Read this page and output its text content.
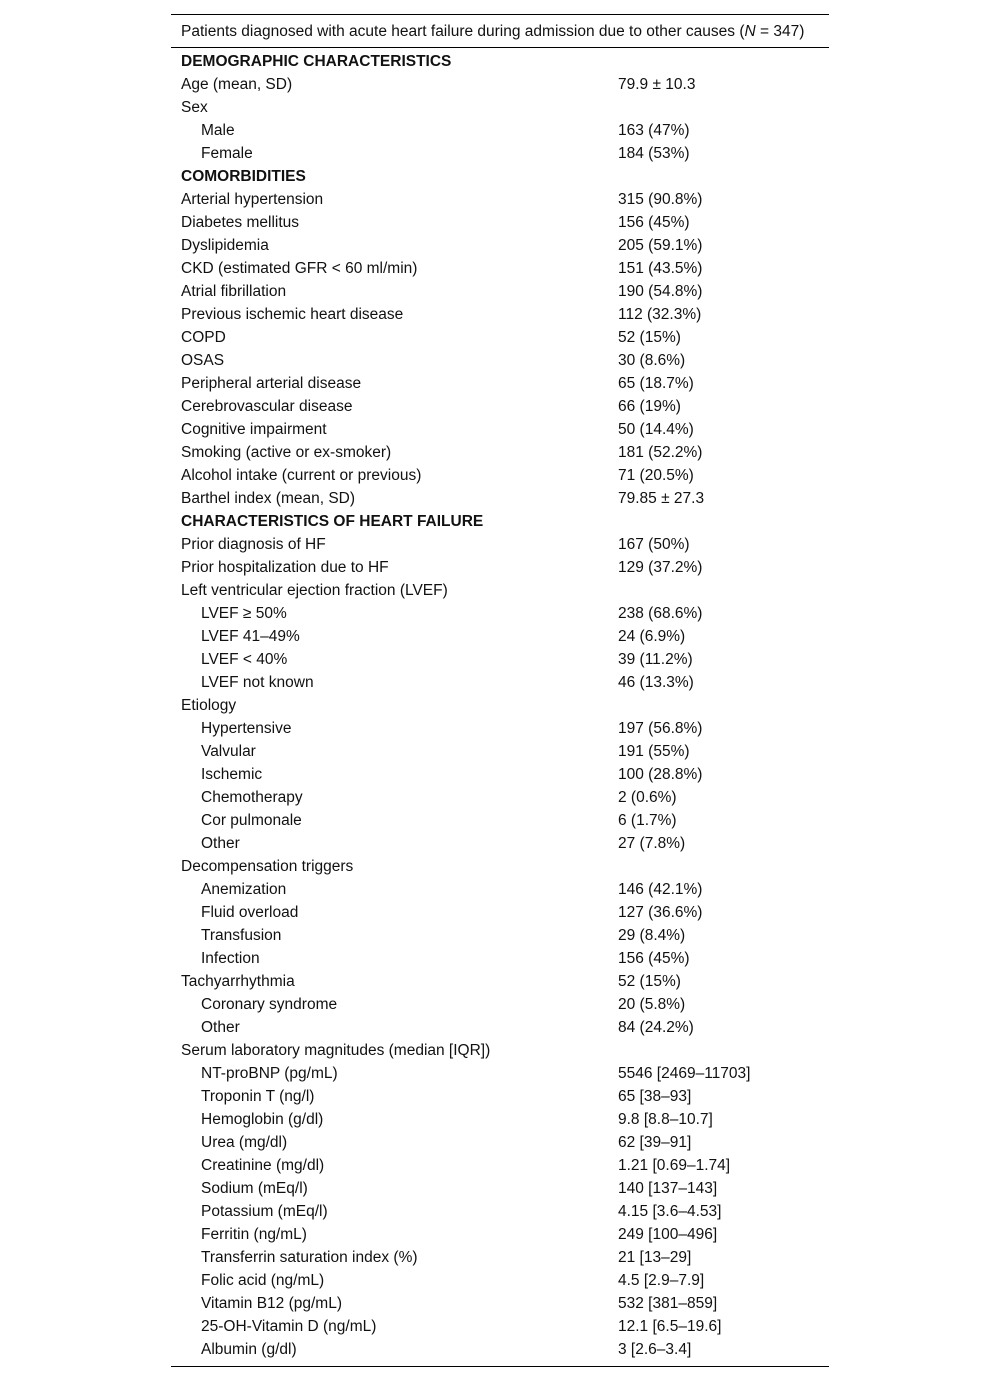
Patients diagnosed with acute heart failure during admission due to other causes (N = 347)
DEMOGRAPHIC CHARACTERISTICS
Age (mean, SD)	79.9 ± 10.3
Sex
Male	163 (47%)
Female	184 (53%)
COMORBIDITIES
Arterial hypertension	315 (90.8%)
Diabetes mellitus	156 (45%)
Dyslipidemia	205 (59.1%)
CKD (estimated GFR < 60 ml/min)	151 (43.5%)
Atrial fibrillation	190 (54.8%)
Previous ischemic heart disease	112 (32.3%)
COPD	52 (15%)
OSAS	30 (8.6%)
Peripheral arterial disease	65 (18.7%)
Cerebrovascular disease	66 (19%)
Cognitive impairment	50 (14.4%)
Smoking (active or ex-smoker)	181 (52.2%)
Alcohol intake (current or previous)	71 (20.5%)
Barthel index (mean, SD)	79.85 ± 27.3
CHARACTERISTICS OF HEART FAILURE
Prior diagnosis of HF	167 (50%)
Prior hospitalization due to HF	129 (37.2%)
Left ventricular ejection fraction (LVEF)
LVEF ≥ 50%	238 (68.6%)
LVEF 41–49%	24 (6.9%)
LVEF < 40%	39 (11.2%)
LVEF not known	46 (13.3%)
Etiology
Hypertensive	197 (56.8%)
Valvular	191 (55%)
Ischemic	100 (28.8%)
Chemotherapy	2 (0.6%)
Cor pulmonale	6 (1.7%)
Other	27 (7.8%)
Decompensation triggers
Anemization	146 (42.1%)
Fluid overload	127 (36.6%)
Transfusion	29 (8.4%)
Infection	156 (45%)
Tachyarrhythmia	52 (15%)
Coronary syndrome	20 (5.8%)
Other	84 (24.2%)
Serum laboratory magnitudes (median [IQR])
NT-proBNP (pg/mL)	5546 [2469–11703]
Troponin T (ng/l)	65 [38–93]
Hemoglobin (g/dl)	9.8 [8.8–10.7]
Urea (mg/dl)	62 [39–91]
Creatinine (mg/dl)	1.21 [0.69–1.74]
Sodium (mEq/l)	140 [137–143]
Potassium (mEq/l)	4.15 [3.6–4.53]
Ferritin (ng/mL)	249 [100–496]
Transferrin saturation index (%)	21 [13–29]
Folic acid (ng/mL)	4.5 [2.9–7.9]
Vitamin B12 (pg/mL)	532 [381–859]
25-OH-Vitamin D (ng/mL)	12.1 [6.5–19.6]
Albumin (g/dl)	3 [2.6–3.4]
